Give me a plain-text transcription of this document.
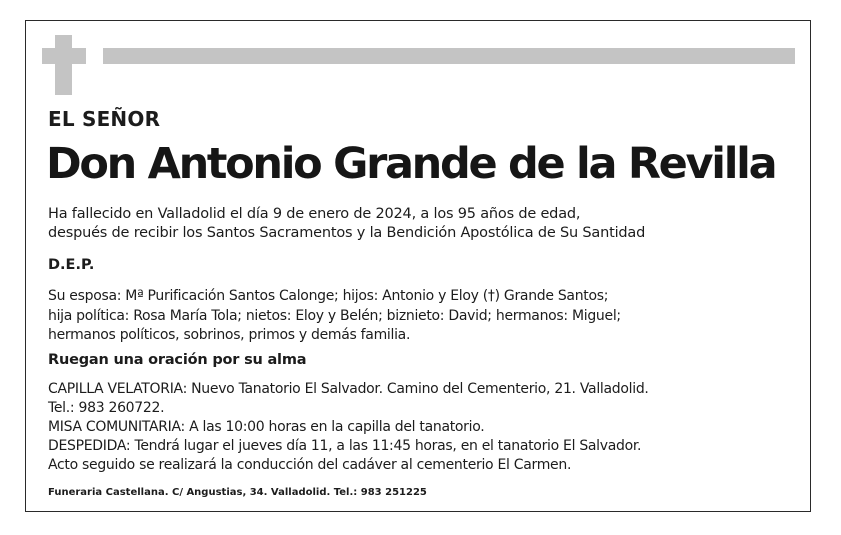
EL SEÑOR
Don Antonio Grande de la Revilla

Ha fallecido en Valladolid el día 9 de enero de 2024, a los 95 años de edad,
después de recibir los Santos Sacramentos y la Bendición Apostólica de Su Santidad

D.E.P.

Su esposa: Mª Purificación Santos Calonge; hijos: Antonio y Eloy (†) Grande Santos;
hija política: Rosa María Tola; nietos: Eloy y Belén; biznieto: David; hermanos: Miguel;
hermanos políticos, sobrinos, primos y demás familia.

Ruegan una oración por su alma

CAPILLA VELATORIA: Nuevo Tanatorio El Salvador. Camino del Cementerio, 21. Valladolid.
Tel.: 983 260722.
MISA COMUNITARIA: A las 10:00 horas en la capilla del tanatorio.
DESPEDIDA: Tendrá lugar el jueves día 11, a las 11:45 horas, en el tanatorio El Salvador.
Acto seguido se realizará la conducción del cadáver al cementerio El Carmen.

Funeraria Castellana. C/ Angustias, 34. Valladolid. Tel.: 983 251225
